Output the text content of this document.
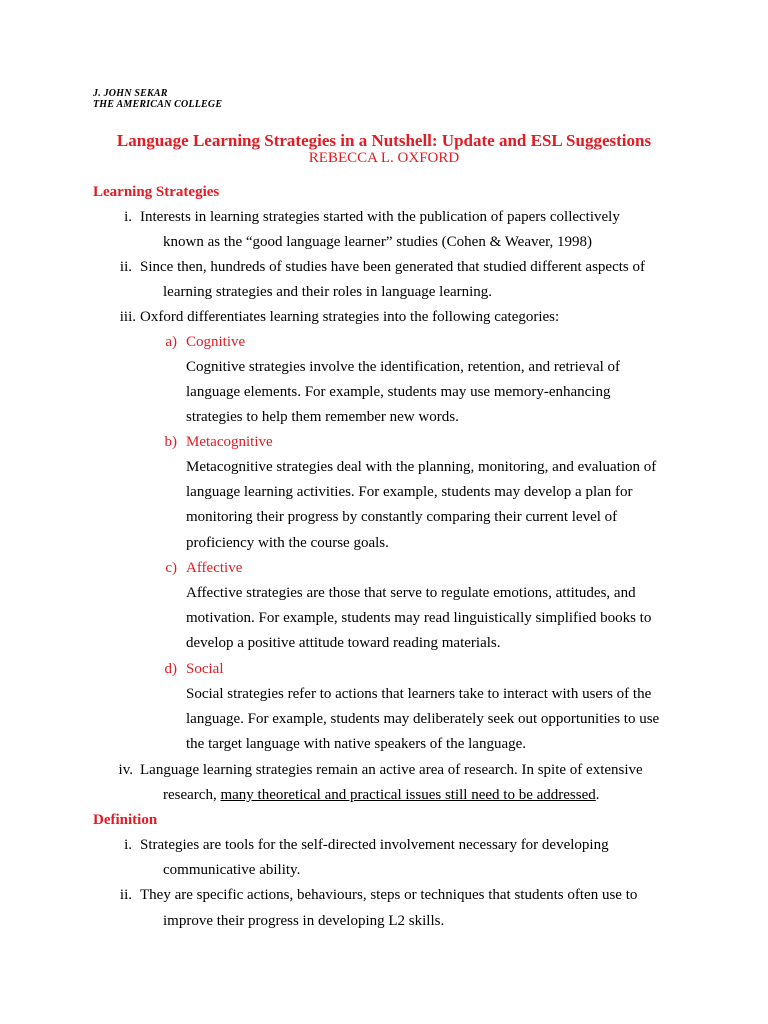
J. JOHN SEKAR
THE AMERICAN COLLEGE
Language Learning Strategies in a Nutshell: Update and ESL Suggestions
REBECCA L. OXFORD
Learning Strategies
i. Interests in learning strategies started with the publication of papers collectively
known as the “good language learner” studies (Cohen & Weaver, 1998)
ii. Since then, hundreds of studies have been generated that studied different aspects of
learning strategies and their roles in language learning.
iii. Oxford differentiates learning strategies into the following categories:
a) Cognitive
Cognitive strategies involve the identification, retention, and retrieval of
language elements. For example, students may use memory-enhancing
strategies to help them remember new words.
b) Metacognitive
Metacognitive strategies deal with the planning, monitoring, and evaluation of
language learning activities. For example, students may develop a plan for
monitoring their progress by constantly comparing their current level of
proficiency with the course goals.
c) Affective
Affective strategies are those that serve to regulate emotions, attitudes, and
motivation. For example, students may read linguistically simplified books to
develop a positive attitude toward reading materials.
d) Social
Social strategies refer to actions that learners take to interact with users of the
language. For example, students may deliberately seek out opportunities to use
the target language with native speakers of the language.
iv. Language learning strategies remain an active area of research. In spite of extensive
research, many theoretical and practical issues still need to be addressed.
Definition
i. Strategies are tools for the self-directed involvement necessary for developing
communicative ability.
ii. They are specific actions, behaviours, steps or techniques that students often use to
improve their progress in developing L2 skills.
